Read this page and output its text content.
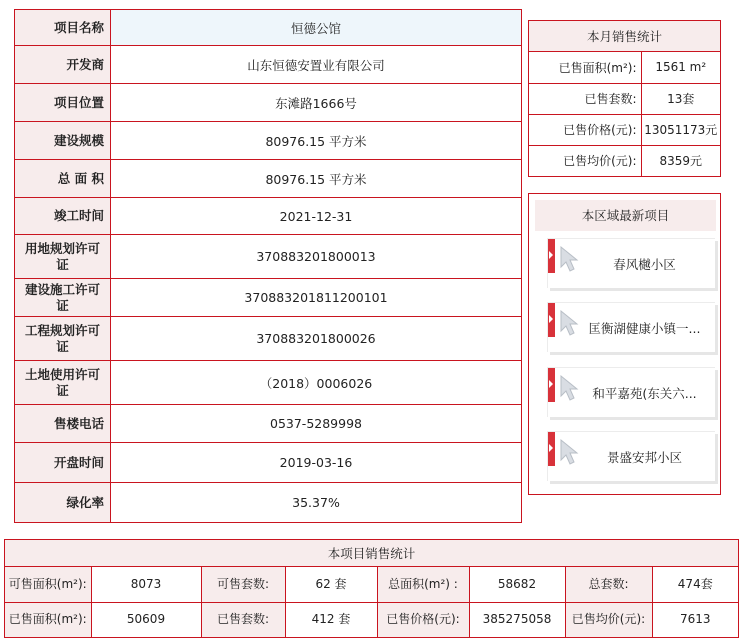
项目名称	恒德公馆
开发商	山东恒德安置业有限公司
项目位置	东滩路1666号
建设规模	80976.15 平方米
总 面 积	80976.15 平方米
竣工时间	2021-12-31
用地规划许可证	370883201800013
建设施工许可证	370883201811200101
工程规划许可证	370883201800026
土地使用许可证	（2018）0006026
售楼电话	0537-5289998
开盘时间	2019-03-16
绿化率	35.37%
本月销售统计
已售面积(m²):	1561 m²
已售套数:	13套
已售价格(元):	13051173元
已售均价(元):	8359元
本区域最新项目
春风樾小区
匡衡湖健康小镇一...
和平嘉苑(东关六...
景盛安邦小区
本项目销售统计
可售面积(m²):	8073	可售套数:	62 套	总面积(m²) :	58682	总套数:	474套
已售面积(m²):	50609	已售套数:	412 套	已售价格(元):	385275058	已售均价(元):	7613
